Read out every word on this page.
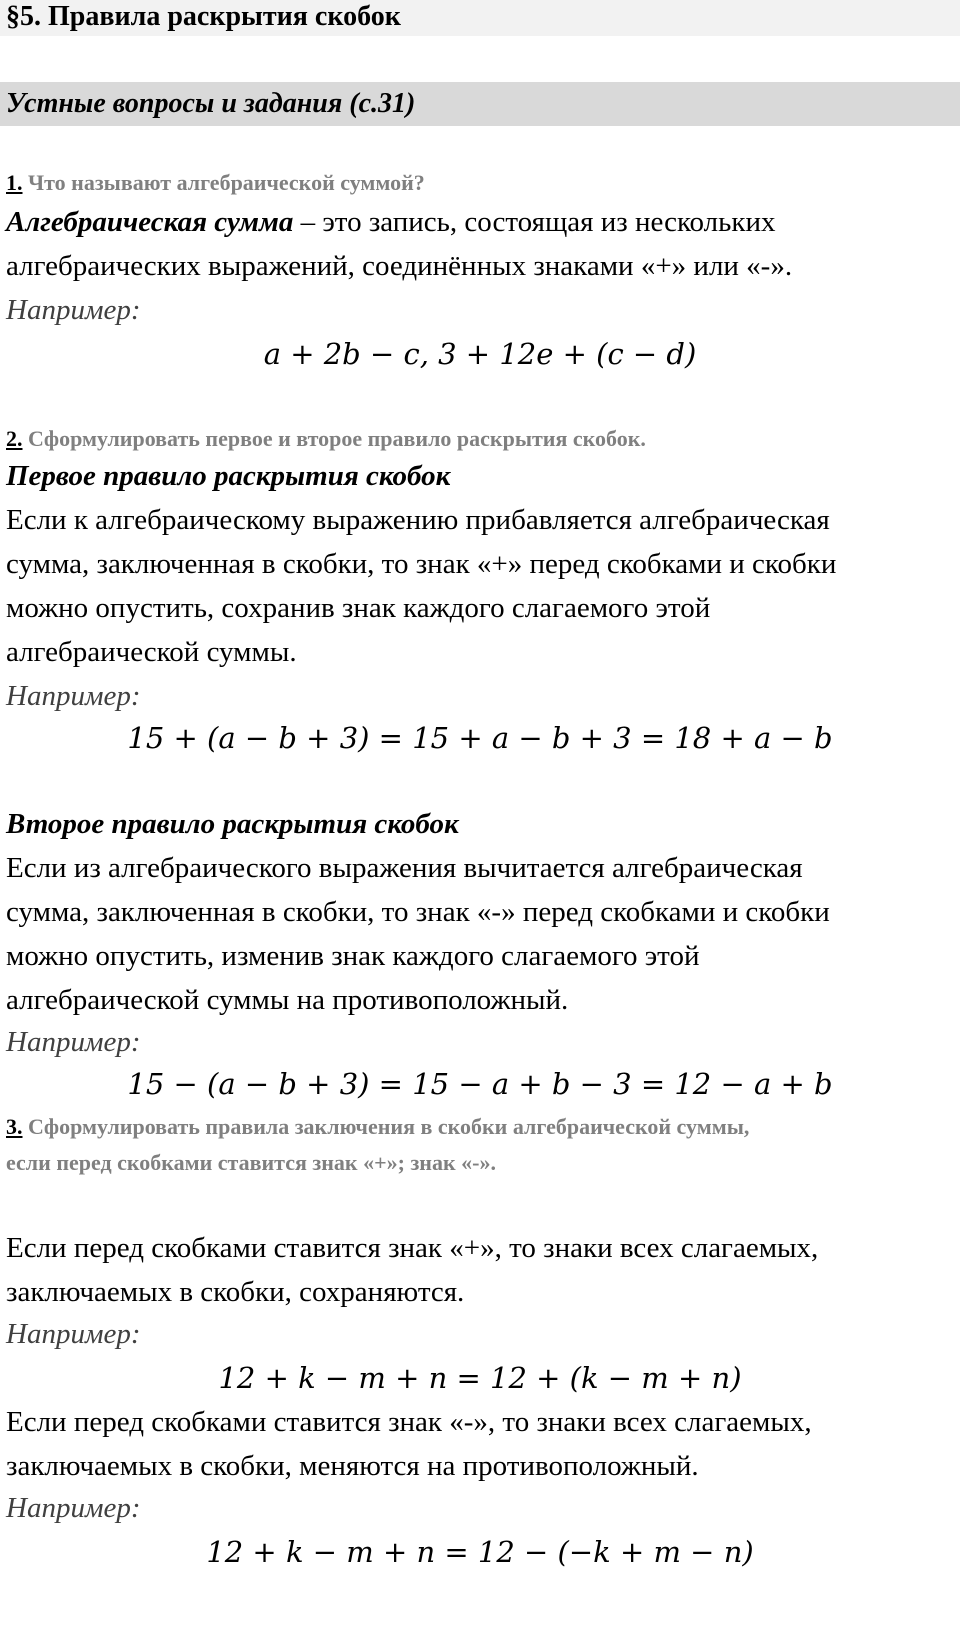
§5. Правила раскрытия скобок
Устные вопросы и задания (с.31)
1. Что называют алгебраической суммой?
Алгебраическая сумма – это запись, состоящая из нескольких
алгебраических выражений, соединённых знаками «+» или «-».
Например:
a + 2b − c, 3 + 12e + (c − d)
2. Сформулировать первое и второе правило раскрытия скобок.
Первое правило раскрытия скобок
Если к алгебраическому выражению прибавляется алгебраическая
сумма, заключенная в скобки, то знак «+» перед скобками и скобки
можно опустить, сохранив знак каждого слагаемого этой
алгебраической суммы.
Например:
15 + (a − b + 3) = 15 + a − b + 3 = 18 + a − b
Второе правило раскрытия скобок
Если из алгебраического выражения вычитается алгебраическая
сумма, заключенная в скобки, то знак «-» перед скобками и скобки
можно опустить, изменив знак каждого слагаемого этой
алгебраической суммы на противоположный.
Например:
15 − (a − b + 3) = 15 − a + b − 3 = 12 − a + b
3. Сформулировать правила заключения в скобки алгебраической суммы,
если перед скобками ставится знак «+»; знак «-».
Если перед скобками ставится знак «+», то знаки всех слагаемых,
заключаемых в скобки, сохраняются.
Например:
12 + k − m + n = 12 + (k − m + n)
Если перед скобками ставится знак «-», то знаки всех слагаемых,
заключаемых в скобки, меняются на противоположный.
Например:
12 + k − m + n = 12 − (−k + m − n)
